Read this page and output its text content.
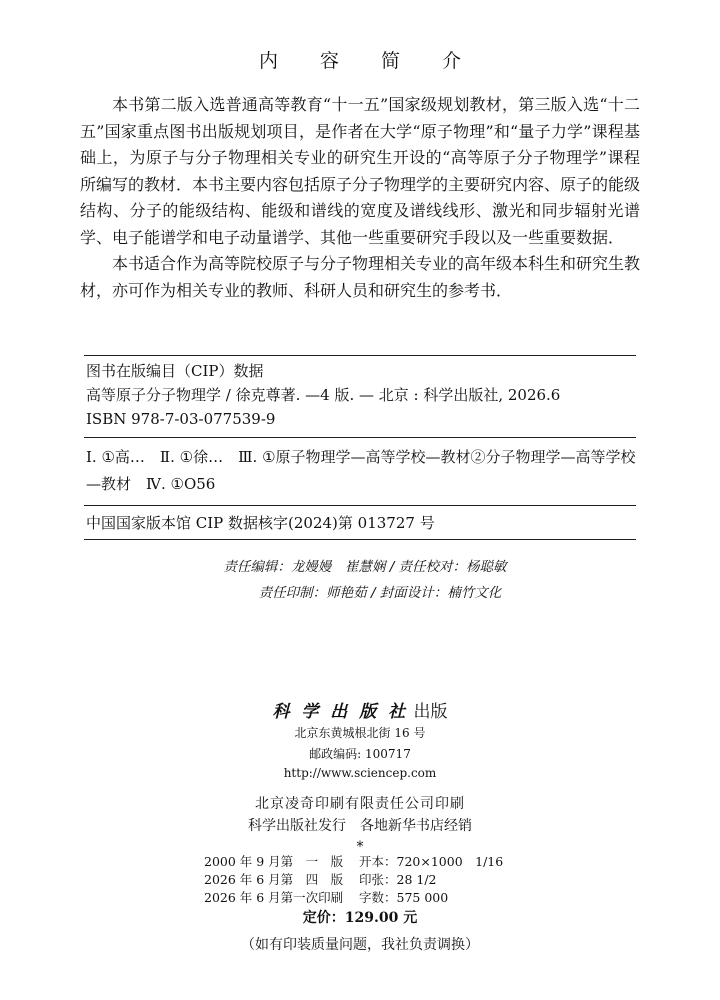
内 容 简 介

本书第二版入选普通高等教育“十一五”国家级规划教材，第三版入选“十二五”国家重点图书出版规划项目，是作者在大学“原子物理”和“量子力学”课程基础上，为原子与分子物理相关专业的研究生开设的“高等原子分子物理学”课程所编写的教材．本书主要内容包括原子分子物理学的主要研究内容、原子的能级结构、分子的能级结构、能级和谱线的宽度及谱线线形、激光和同步辐射光谱学、电子能谱学和电子动量谱学、其他一些重要研究手段以及一些重要数据．

本书适合作为高等院校原子与分子物理相关专业的高年级本科生和研究生教材，亦可作为相关专业的教师、科研人员和研究生的参考书．

图书在版编目（CIP）数据
高等原子分子物理学 / 徐克尊著. —4 版. — 北京 : 科学出版社, 2026.6
ISBN 978-7-03-077539-9
Ⅰ. ①高…　Ⅱ. ①徐…　Ⅲ. ①原子物理学—高等学校—教材②分子物理学—高等学校—教材　Ⅳ. ①O56
中国国家版本馆 CIP 数据核字(2024)第 013727 号
责任编辑：龙嫚嫚　崔慧娴 / 责任校对：杨聪敏
责任印制：师艳茹 / 封面设计：楠竹文化
科 学 出 版 社 出版
北京东黄城根北街 16 号
邮政编码: 100717
http://www.sciencep.com
北京凌奇印刷有限责任公司印刷
科学出版社发行　各地新华书店经销
*
2000 年 9 月第　一　版 开本：720×1000　1/16
2026 年 6 月第　四　版 印张：28 1/2
2026 年 6 月第一次印刷 字数：575 000
定价：129.00 元
（如有印装质量问题，我社负责调换）
